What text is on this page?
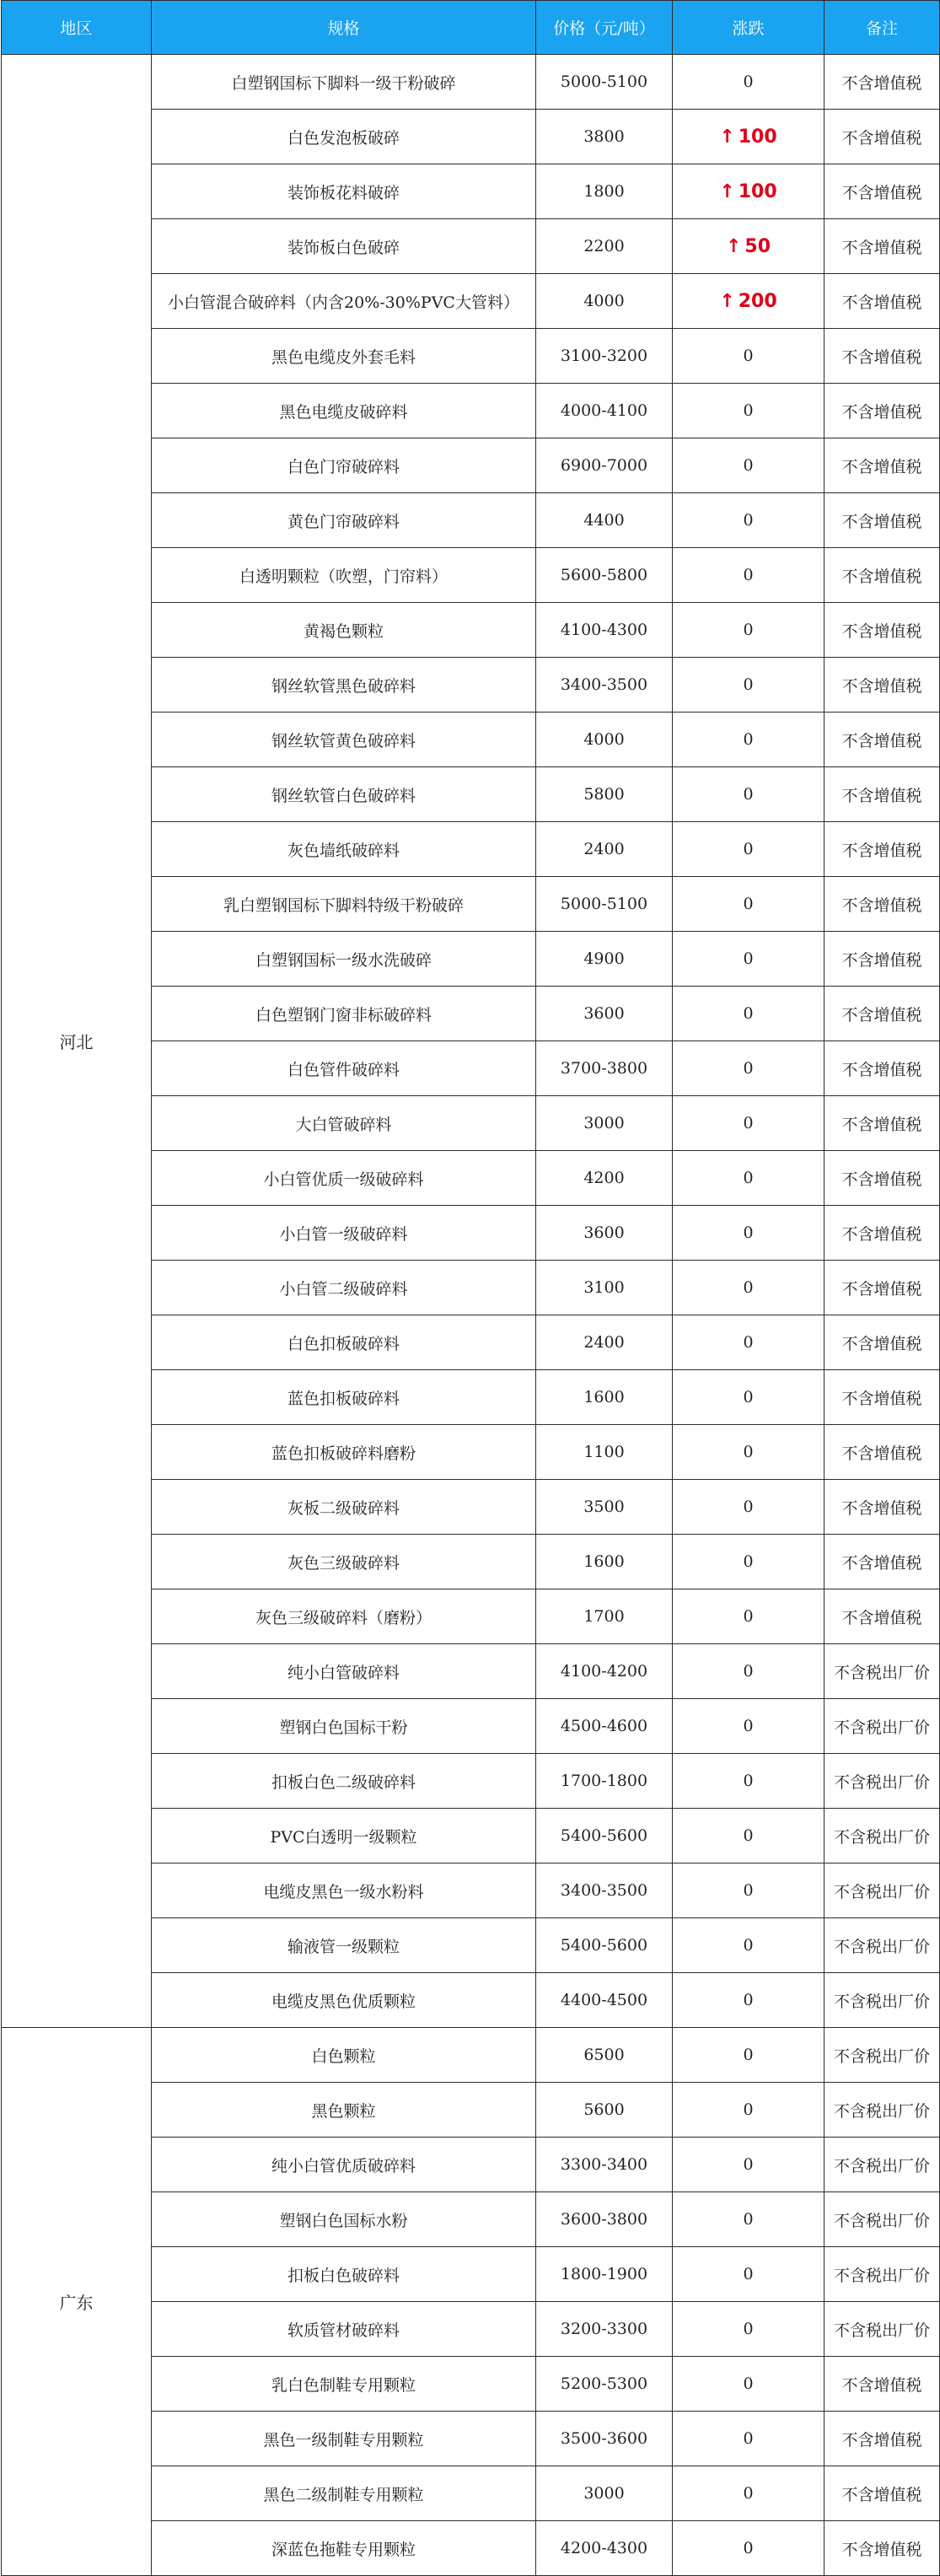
地区	规格	价格（元/吨）	涨跌	备注
河北	白塑钢国标下脚料一级干粉破碎	5000-5100	0	不含增值税
	白色发泡板破碎	3800	↑ 100	不含增值税
	装饰板花料破碎	1800	↑ 100	不含增值税
	装饰板白色破碎	2200	↑ 50	不含增值税
	小白管混合破碎料（内含20%-30%PVC大管料）	4000	↑ 200	不含增值税
	黑色电缆皮外套毛料	3100-3200	0	不含增值税
	黑色电缆皮破碎料	4000-4100	0	不含增值税
	白色门帘破碎料	6900-7000	0	不含增值税
	黄色门帘破碎料	4400	0	不含增值税
	白透明颗粒（吹塑，门帘料）	5600-5800	0	不含增值税
	黄褐色颗粒	4100-4300	0	不含增值税
	钢丝软管黑色破碎料	3400-3500	0	不含增值税
	钢丝软管黄色破碎料	4000	0	不含增值税
	钢丝软管白色破碎料	5800	0	不含增值税
	灰色墙纸破碎料	2400	0	不含增值税
	乳白塑钢国标下脚料特级干粉破碎	5000-5100	0	不含增值税
	白塑钢国标一级水洗破碎	4900	0	不含增值税
	白色塑钢门窗非标破碎料	3600	0	不含增值税
	白色管件破碎料	3700-3800	0	不含增值税
	大白管破碎料	3000	0	不含增值税
	小白管优质一级破碎料	4200	0	不含增值税
	小白管一级破碎料	3600	0	不含增值税
	小白管二级破碎料	3100	0	不含增值税
	白色扣板破碎料	2400	0	不含增值税
	蓝色扣板破碎料	1600	0	不含增值税
	蓝色扣板破碎料磨粉	1100	0	不含增值税
	灰板二级破碎料	3500	0	不含增值税
	灰色三级破碎料	1600	0	不含增值税
	灰色三级破碎料（磨粉）	1700	0	不含增值税
	纯小白管破碎料	4100-4200	0	不含税出厂价
	塑钢白色国标干粉	4500-4600	0	不含税出厂价
	扣板白色二级破碎料	1700-1800	0	不含税出厂价
	PVC白透明一级颗粒	5400-5600	0	不含税出厂价
	电缆皮黑色一级水粉料	3400-3500	0	不含税出厂价
	输液管一级颗粒	5400-5600	0	不含税出厂价
	电缆皮黑色优质颗粒	4400-4500	0	不含税出厂价
广东	白色颗粒	6500	0	不含税出厂价
	黑色颗粒	5600	0	不含税出厂价
	纯小白管优质破碎料	3300-3400	0	不含税出厂价
	塑钢白色国标水粉	3600-3800	0	不含税出厂价
	扣板白色破碎料	1800-1900	0	不含税出厂价
	软质管材破碎料	3200-3300	0	不含税出厂价
	乳白色制鞋专用颗粒	5200-5300	0	不含增值税
	黑色一级制鞋专用颗粒	3500-3600	0	不含增值税
	黑色二级制鞋专用颗粒	3000	0	不含增值税
	深蓝色拖鞋专用颗粒	4200-4300	0	不含增值税
